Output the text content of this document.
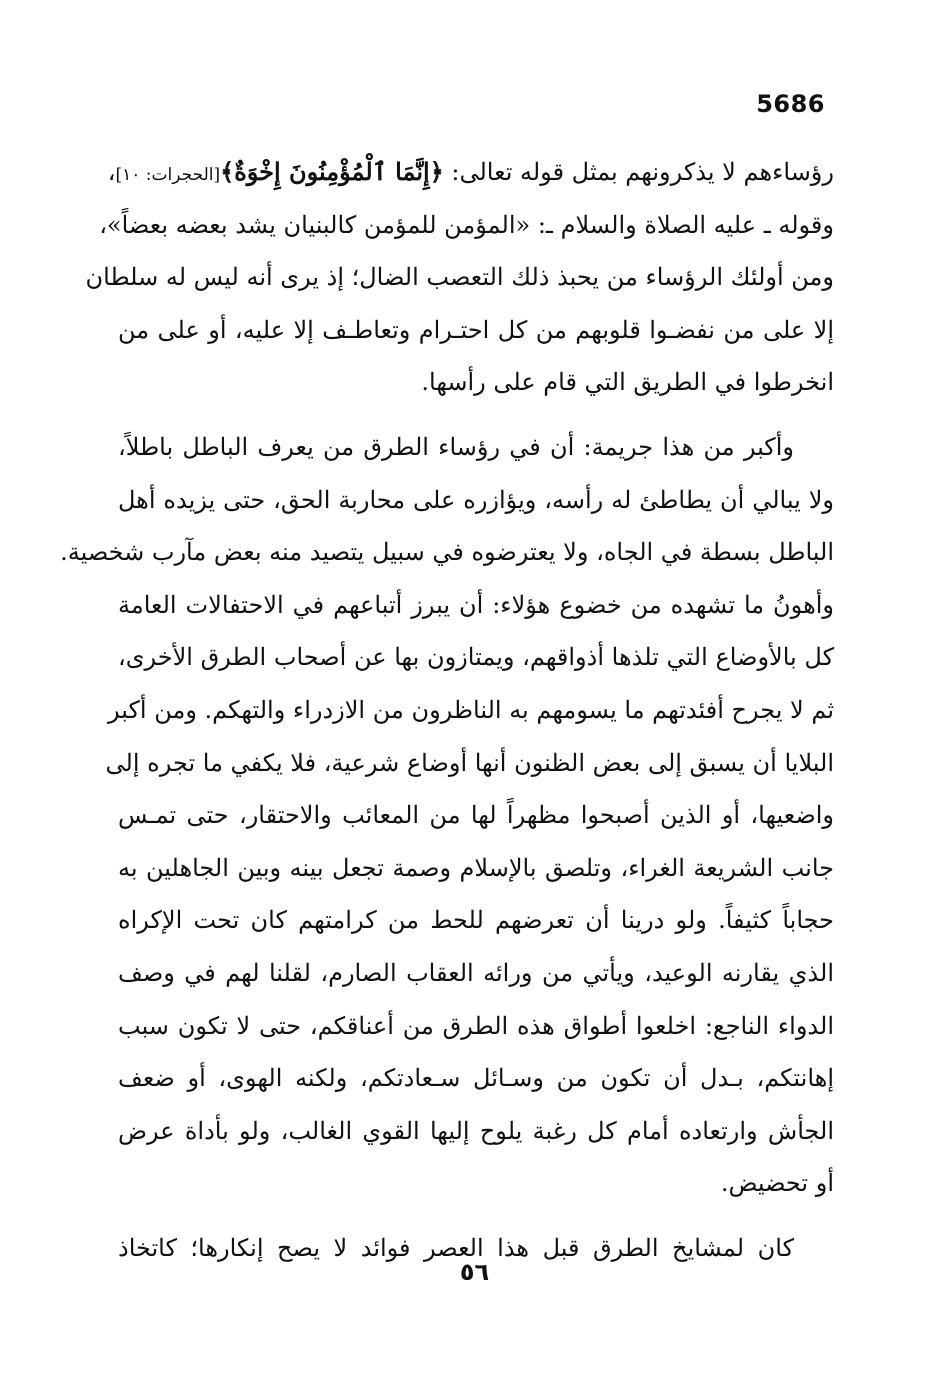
5686
رؤساءهم لا يذكرونهم بمثل قوله تعالى: ﴿إِنَّمَا ٱلْمُؤْمِنُونَ إِخْوَةٌ﴾[الحجرات: ١٠]،
وقوله ـ عليه الصلاة والسلام ـ: «المؤمن للمؤمن كالبنيان يشد بعضه بعضاً»،
ومن أولئك الرؤساء من يحبذ ذلك التعصب الضال؛ إذ يرى أنه ليس له سلطان
إلا على من نفضـوا قلوبهم من كل احتـرام وتعاطـف إلا عليه، أو على من
انخرطوا في الطريق التي قام على رأسها.
وأكبر من هذا جريمة: أن في رؤساء الطرق من يعرف الباطل باطلاً،
ولا يبالي أن يطاطئ له رأسه، ويؤازره على محاربة الحق، حتى يزيده أهل
الباطل بسطة في الجاه، ولا يعترضوه في سبيل يتصيد منه بعض مآرب شخصية.
وأهونُ ما تشهده من خضوع هؤلاء: أن يبرز أتباعهم في الاحتفالات العامة
كل بالأوضاع التي تلذها أذواقهم، ويمتازون بها عن أصحاب الطرق الأخرى،
ثم لا يجرح أفئدتهم ما يسومهم به الناظرون من الازدراء والتهكم. ومن أكبر
البلايا أن يسبق إلى بعض الظنون أنها أوضاع شرعية، فلا يكفي ما تجره إلى
واضعيها، أو الذين أصبحوا مظهراً لها من المعائب والاحتقار، حتى تمـس
جانب الشريعة الغراء، وتلصق بالإسلام وصمة تجعل بينه وبين الجاهلين به
حجاباً كثيفاً. ولو درينا أن تعرضهم للحط من كرامتهم كان تحت الإكراه
الذي يقارنه الوعيد، ويأتي من ورائه العقاب الصارم، لقلنا لهم في وصف
الدواء الناجع: اخلعوا أطواق هذه الطرق من أعناقكم، حتى لا تكون سبب
إهانتكم، بـدل أن تكون من وسـائل سـعادتكم، ولكنه الهوى، أو ضعف
الجأش وارتعاده أمام كل رغبة يلوح إليها القوي الغالب، ولو بأداة عرض
أو تحضيض.
كان لمشايخ الطرق قبل هذا العصر فوائد لا يصح إنكارها؛ كاتخاذ
٥٦
